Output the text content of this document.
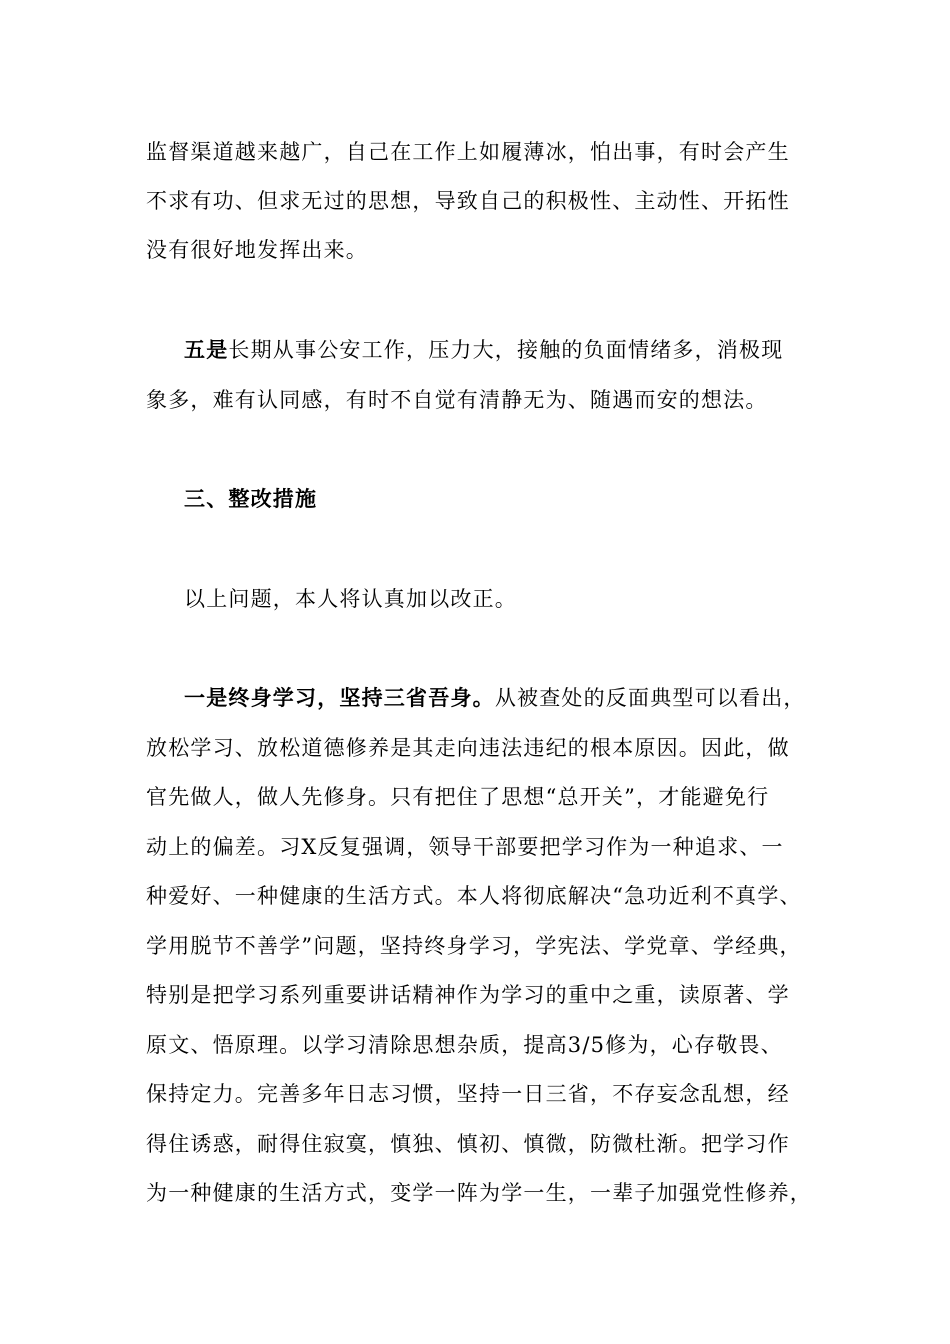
监督渠道越来越广，自己在工作上如履薄冰，怕出事，有时会产生
不求有功、但求无过的思想，导致自己的积极性、主动性、开拓性
没有很好地发挥出来。
五是长期从事公安工作，压力大，接触的负面情绪多，消极现
象多，难有认同感，有时不自觉有清静无为、随遇而安的想法。
三、整改措施
以上问题，本人将认真加以改正。
一是终身学习，坚持三省吾身。从被查处的反面典型可以看出，
放松学习、放松道德修养是其走向违法违纪的根本原因。因此，做
官先做人，做人先修身。只有把住了思想“总开关”，才能避免行
动上的偏差。习X反复强调，领导干部要把学习作为一种追求、一
种爱好、一种健康的生活方式。本人将彻底解决“急功近利不真学、
学用脱节不善学”问题，坚持终身学习，学宪法、学党章、学经典，
特别是把学习系列重要讲话精神作为学习的重中之重，读原著、学
原文、悟原理。以学习清除思想杂质，提高3/5修为，心存敬畏、
保持定力。完善多年日志习惯，坚持一日三省，不存妄念乱想，经
得住诱惑，耐得住寂寞，慎独、慎初、慎微，防微杜渐。把学习作
为一种健康的生活方式，变学一阵为学一生，一辈子加强党性修养，
